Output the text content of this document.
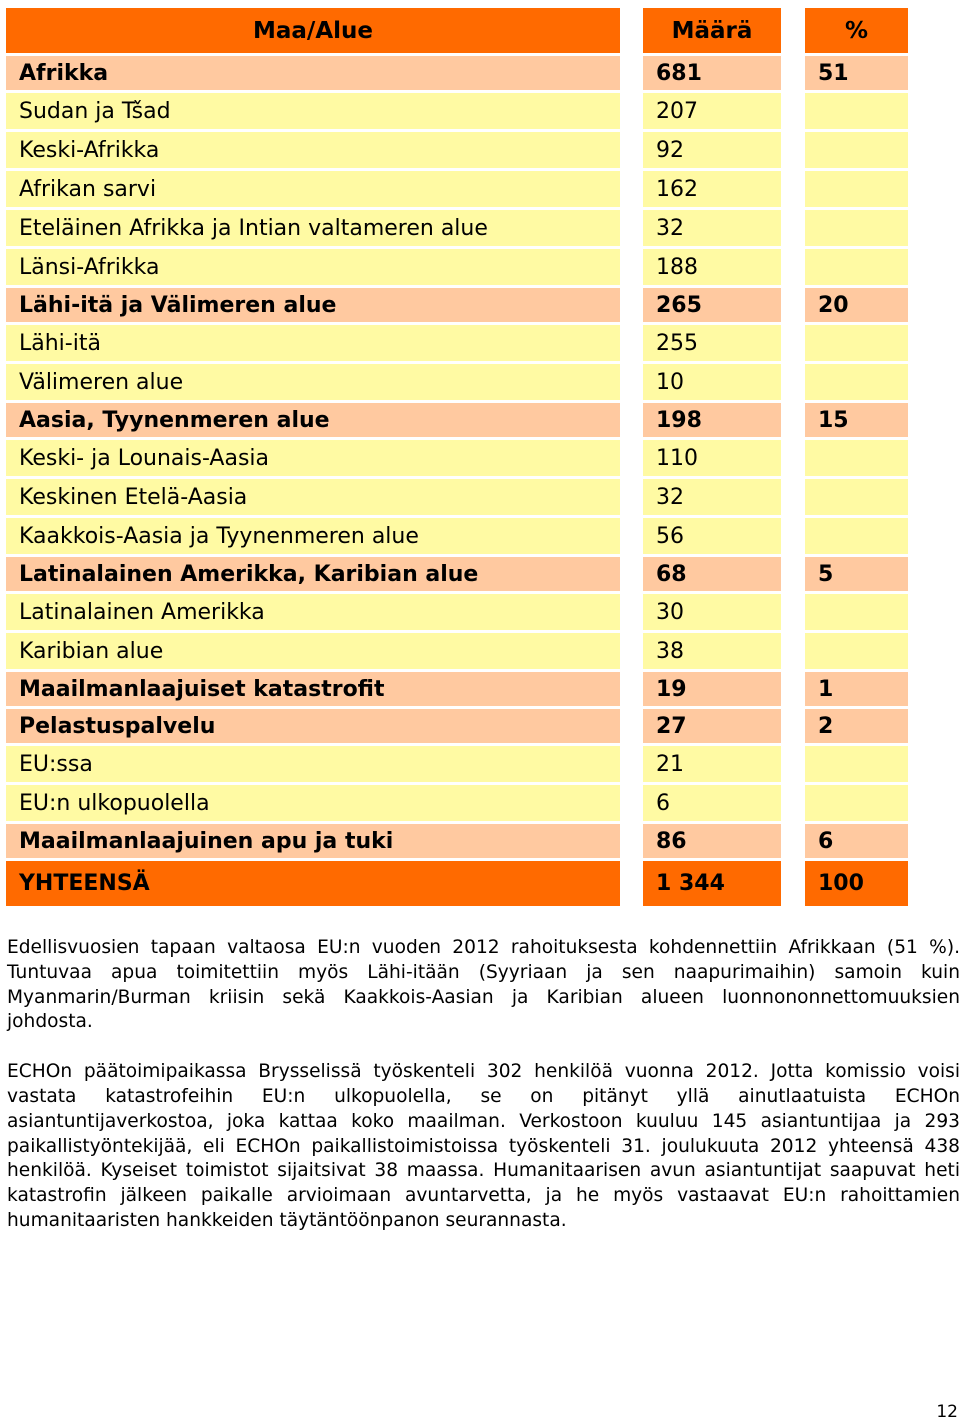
Maa/Alue	Määrä	%
Afrikka	681	51
Sudan ja Tšad	207
Keski-Afrikka	92
Afrikan sarvi	162
Eteläinen Afrikka ja Intian valtameren alue	32
Länsi-Afrikka	188
Lähi-itä ja Välimeren alue	265	20
Lähi-itä	255
Välimeren alue	10
Aasia, Tyynenmeren alue	198	15
Keski- ja Lounais-Aasia	110
Keskinen Etelä-Aasia	32
Kaakkois-Aasia ja Tyynenmeren alue	56
Latinalainen Amerikka, Karibian alue	68	5
Latinalainen Amerikka	30
Karibian alue	38
Maailmanlaajuiset katastrofit	19	1
Pelastuspalvelu	27	2
EU:ssa	21
EU:n ulkopuolella	6
Maailmanlaajuinen apu ja tuki	86	6
YHTEENSÄ	1 344	100

Edellisvuosien tapaan valtaosa EU:n vuoden 2012 rahoituksesta kohdennettiin Afrikkaan (51 %). Tuntuvaa apua toimitettiin myös Lähi-itään (Syyriaan ja sen naapurimaihin) samoin kuin Myanmarin/Burman kriisin sekä Kaakkois-Aasian ja Karibian alueen luonnononnettomuuksien johdosta.

ECHOn päätoimipaikassa Brysselissä työskenteli 302 henkilöä vuonna 2012. Jotta komissio voisi vastata katastrofeihin EU:n ulkopuolella, se on pitänyt yllä ainutlaatuista ECHOn asiantuntijaverkostoa, joka kattaa koko maailman. Verkostoon kuuluu 145 asiantuntijaa ja 293 paikallistyöntekijää, eli ECHOn paikallistoimistoissa työskenteli 31. joulukuuta 2012 yhteensä 438 henkilöä. Kyseiset toimistot sijaitsivat 38 maassa. Humanitaarisen avun asiantuntijat saapuvat heti katastrofin jälkeen paikalle arvioimaan avuntarvetta, ja he myös vastaavat EU:n rahoittamien humanitaaristen hankkeiden täytäntöönpanon seurannasta.

12
